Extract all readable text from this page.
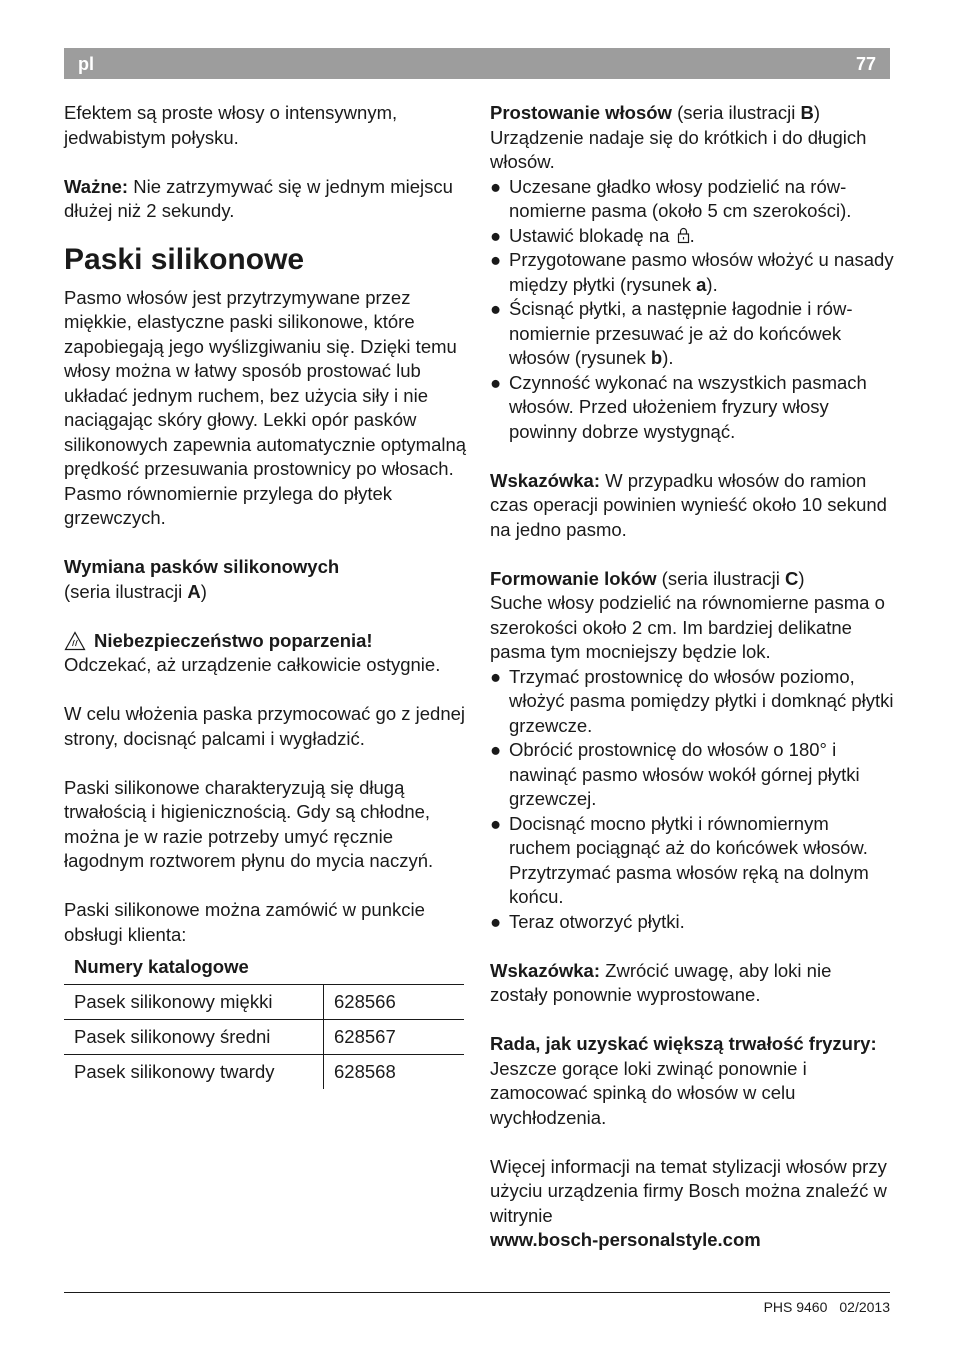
pl	77

Efektem są proste włosy o intensywnym, jedwabistym połysku.

Ważne: Nie zatrzymywać się w jednym miejscu dłużej niż 2 sekundy.

Paski silikonowe

Pasmo włosów jest przytrzymywane przez miękkie, elastyczne paski silikonowe, które zapobiegają jego wyślizgiwaniu się. Dzięki temu włosy można w łatwy sposób prostować lub układać jednym ruchem, bez użycia siły i nie naciągając skóry głowy. Lekki opór pasków silikonowych zapewnia automatycznie optymalną prędkość przesuwania prostownicy po włosach. Pasmo równomiernie przylega do płytek grzewczych.

Wymiana pasków silikonowych

(seria ilustracji A)

Niebezpieczeństwo poparzenia!

Odczekać, aż urządzenie całkowicie ostygnie.

W celu włożenia paska przymocować go z jednej strony, docisnąć palcami i wygładzić.

Paski silikonowe charakteryzują się długą trwałością i higienicznością. Gdy są chłodne, można je w razie potrzeby umyć ręcznie łagodnym roztworem płynu do mycia naczyń.

Paski silikonowe można zamówić w punkcie obsługi klienta:

Numery katalogowe
Pasek silikonowy miękki	628566
Pasek silikonowy średni	628567
Pasek silikonowy twardy	628568

Prostowanie włosów (seria ilustracji B)

Urządzenie nadaje się do krótkich i do długich włosów.

● Uczesane gładko włosy podzielić na równomierne pasma (około 5 cm szerokości).
● Ustawić blokadę na .
● Przygotowane pasmo włosów włożyć u nasady między płytki (rysunek a).
● Ścisnąć płytki, a następnie łagodnie i równomiernie przesuwać je aż do końcówek włosów (rysunek b).
● Czynność wykonać na wszystkich pasmach włosów. Przed ułożeniem fryzury włosy powinny dobrze wystygnąć.

Wskazówka: W przypadku włosów do ramion czas operacji powinien wynieść około 10 sekund na jedno pasmo.

Formowanie loków (seria ilustracji C)

Suche włosy podzielić na równomierne pasma o szerokości około 2 cm. Im bardziej delikatne pasma tym mocniejszy będzie lok.

● Trzymać prostownicę do włosów poziomo, włożyć pasma pomiędzy płytki i domknąć płytki grzewcze.
● Obrócić prostownicę do włosów o 180° i nawinąć pasmo włosów wokół górnej płytki grzewczej.
● Docisnąć mocno płytki i równomiernym ruchem pociągnąć aż do końcówek włosów. Przytrzymać pasma włosów ręką na dolnym końcu.
● Teraz otworzyć płytki.

Wskazówka: Zwrócić uwagę, aby loki nie zostały ponownie wyprostowane.

Rada, jak uzyskać większą trwałość fryzury: Jeszcze gorące loki zwinąć ponownie i zamocować spinką do włosów w celu wychłodzenia.

Więcej informacji na temat stylizacji włosów przy użyciu urządzenia firmy Bosch można znaleźć w witrynie

www.bosch-personalstyle.com

PHS 9460 02/2013
